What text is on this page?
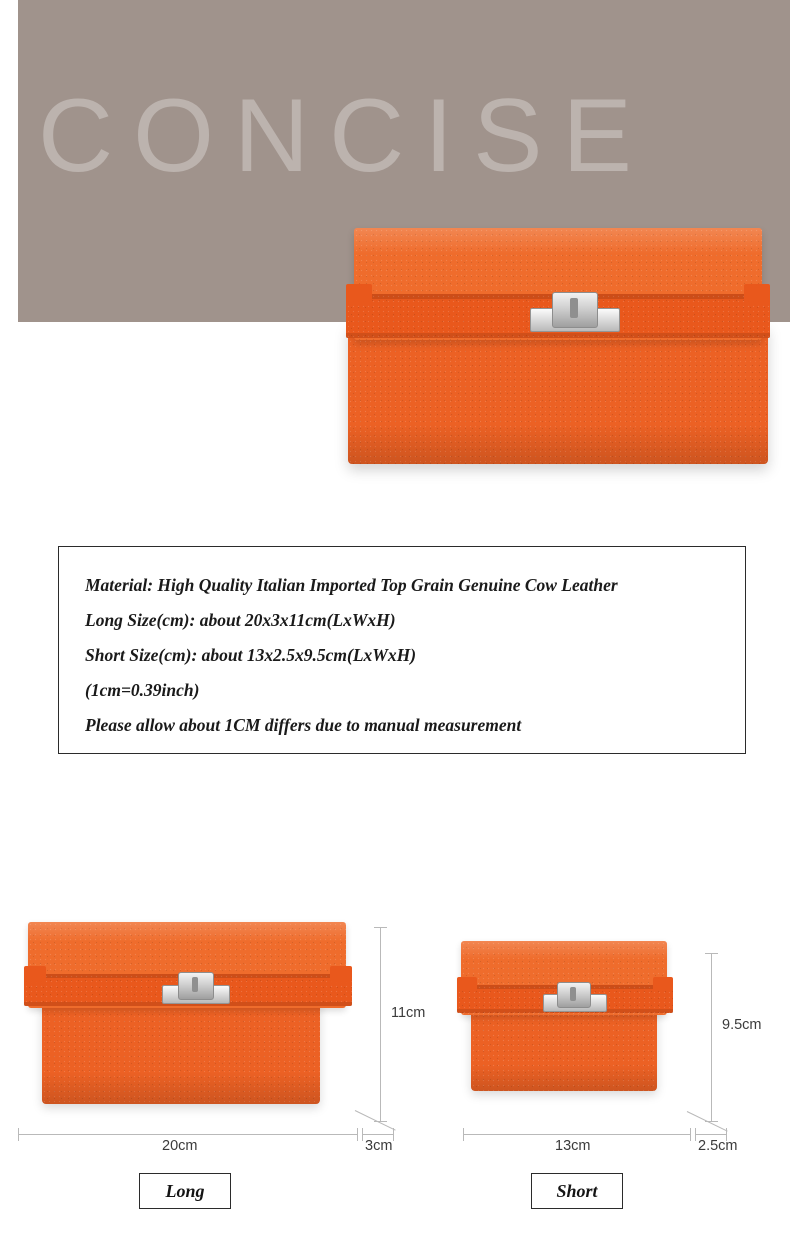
CONCISE

Material: High Quality Italian Imported Top Grain Genuine Cow Leather

Long Size(cm): about 20x3x11cm(LxWxH)

Short Size(cm): about 13x2.5x9.5cm(LxWxH)

(1cm=0.39inch)

Please allow about 1CM differs due to manual measurement

11cm
20cm	3cm
Long
9.5cm
13cm	2.5cm
Short
